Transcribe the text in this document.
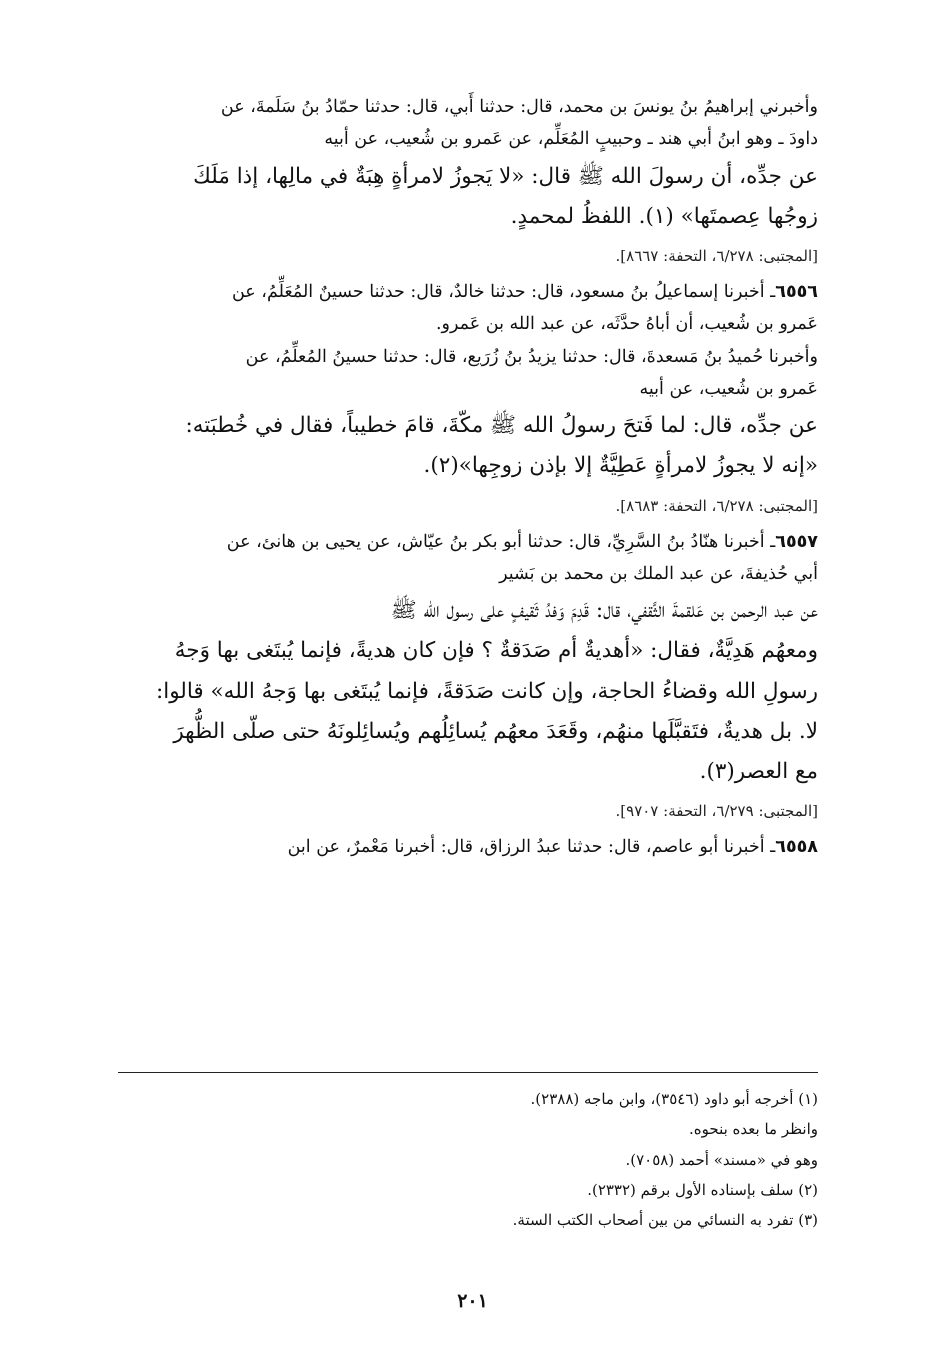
وأخبرني إبراهيمُ بنُ يونسَ بن محمد، قال: حدثنا أَبي، قال: حدثنا حمّادُ بنُ سَلَمةَ، عن
داودَ ـ وهو ابنُ أبي هند ـ وحبيبٍ المُعَلِّم، عن عَمرو بن شُعيب، عن أبيه
عن جدِّه، أن رسولَ الله ﷺ قال: «لا يَجوزُ لامرأةٍ هِبَةٌ في مالِها، إذا مَلَكَ
زوجُها عِصمتَها» (١). اللفظُ لمحمدٍ.
[المجتبى: ٦/٢٧٨، التحفة: ٨٦٦٧].
٦٥٥٦ـ أخبرنا إسماعيلُ بنُ مسعود، قال: حدثنا خالدٌ، قال: حدثنا حسينٌ المُعَلِّمُ، عن
عَمرو بن شُعيب، أن أباهُ حدَّثَه، عن عبد الله بن عَمرو.
وأخبرنا حُميدُ بنُ مَسعدةَ، قال: حدثنا يزيدُ بنُ زُرَيع، قال: حدثنا حسينُ المُعلِّمُ، عن
عَمرو بن شُعيب، عن أبيه
عن جدِّه، قال: لما فَتحَ رسولُ الله ﷺ مكّةَ، قامَ خطيباً، فقال في خُطبَته:
«إنه لا يجوزُ لامرأةٍ عَطِيَّةٌ إلا بإذن زوجِها»(٢).
[المجتبى: ٦/٢٧٨، التحفة: ٨٦٨٣].
٦٥٥٧ـ أخبرنا هنّادُ بنُ السَّرِيِّ، قال: حدثنا أبو بكر بنُ عيّاش، عن يحيى بن هانئ، عن
أبي حُذيفةَ، عن عبد الملك بن محمد بن بَشير
عن عبد الرحمن بن عَلقمةَ الثَّقفي، قال: قَدِمَ وَفدُ ثَقيفٍ على رسول الله ﷺ
ومعهُم هَدِيَّةٌ، فقال: «أهديةٌ أم صَدَقةٌ ؟ فإن كان هديةً، فإنما يُبتَغى بها وَجهُ
رسولِ الله وقضاءُ الحاجة، وإن كانت صَدَقةً، فإنما يُبتَغى بها وَجهُ الله» قالوا:
لا. بل هديةٌ، فتَقبَّلَها منهُم، وقَعَدَ معهُم يُسائِلُهم ويُسائِلونَهُ حتى صلّى الظُّهرَ
مع العصر(٣).
[المجتبى: ٦/٢٧٩، التحفة: ٩٧٠٧].
٦٥٥٨ـ أخبرنا أبو عاصم، قال: حدثنا عبدُ الرزاق، قال: أخبرنا مَعْمرٌ، عن ابن
(١) أخرجه أبو داود (٣٥٤٦)، وابن ماجه (٢٣٨٨).
وانظر ما بعده بنحوه.
وهو في «مسند» أحمد (٧٠٥٨).
(٢) سلف بإسناده الأول برقم (٢٣٣٢).
(٣) تفرد به النسائي من بين أصحاب الكتب الستة.
٢٠١
